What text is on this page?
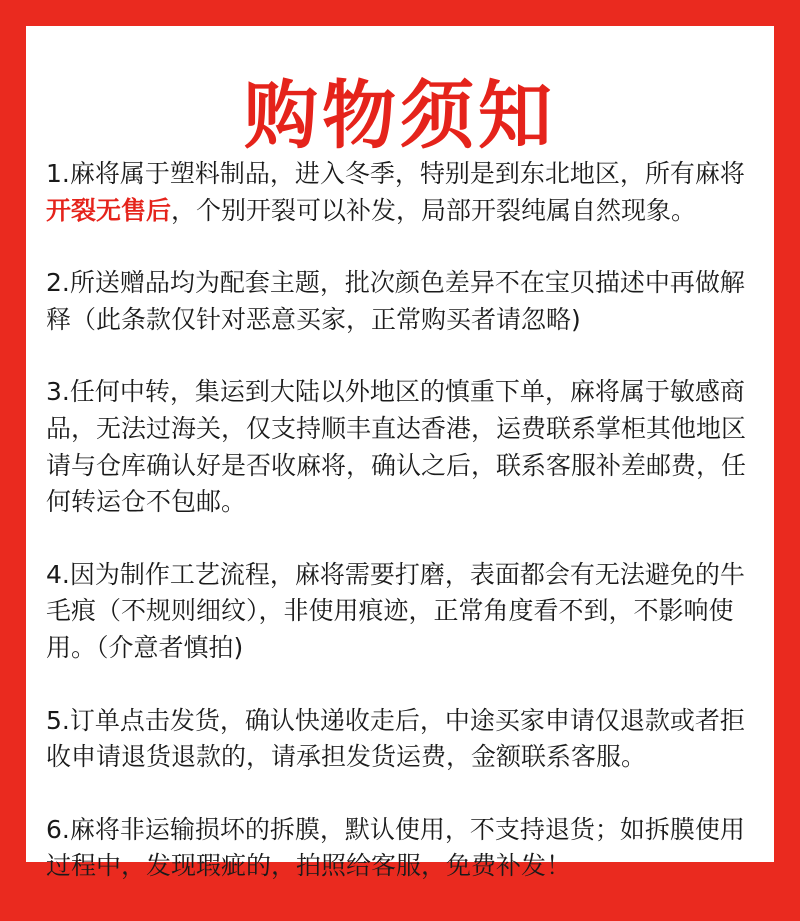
购物须知

1.麻将属于塑料制品，进入冬季，特别是到东北地区，所有麻将开裂无售后，个别开裂可以补发，局部开裂纯属自然现象。

2.所送赠品均为配套主题，批次颜色差异不在宝贝描述中再做解释（此条款仅针对恶意买家，正常购买者请忽略)

3.任何中转，集运到大陆以外地区的慎重下单，麻将属于敏感商品，无法过海关，仅支持顺丰直达香港，运费联系掌柜其他地区请与仓库确认好是否收麻将，确认之后，联系客服补差邮费，任何转运仓不包邮。

4.因为制作工艺流程，麻将需要打磨，表面都会有无法避免的牛毛痕（不规则细纹），非使用痕迹，正常角度看不到，不影响使用。（介意者慎拍)

5.订单点击发货，确认快递收走后，中途买家申请仅退款或者拒收申请退货退款的，请承担发货运费，金额联系客服。

6.麻将非运输损坏的拆膜，默认使用，不支持退货；如拆膜使用过程中，发现瑕疵的，拍照给客服，免费补发！
